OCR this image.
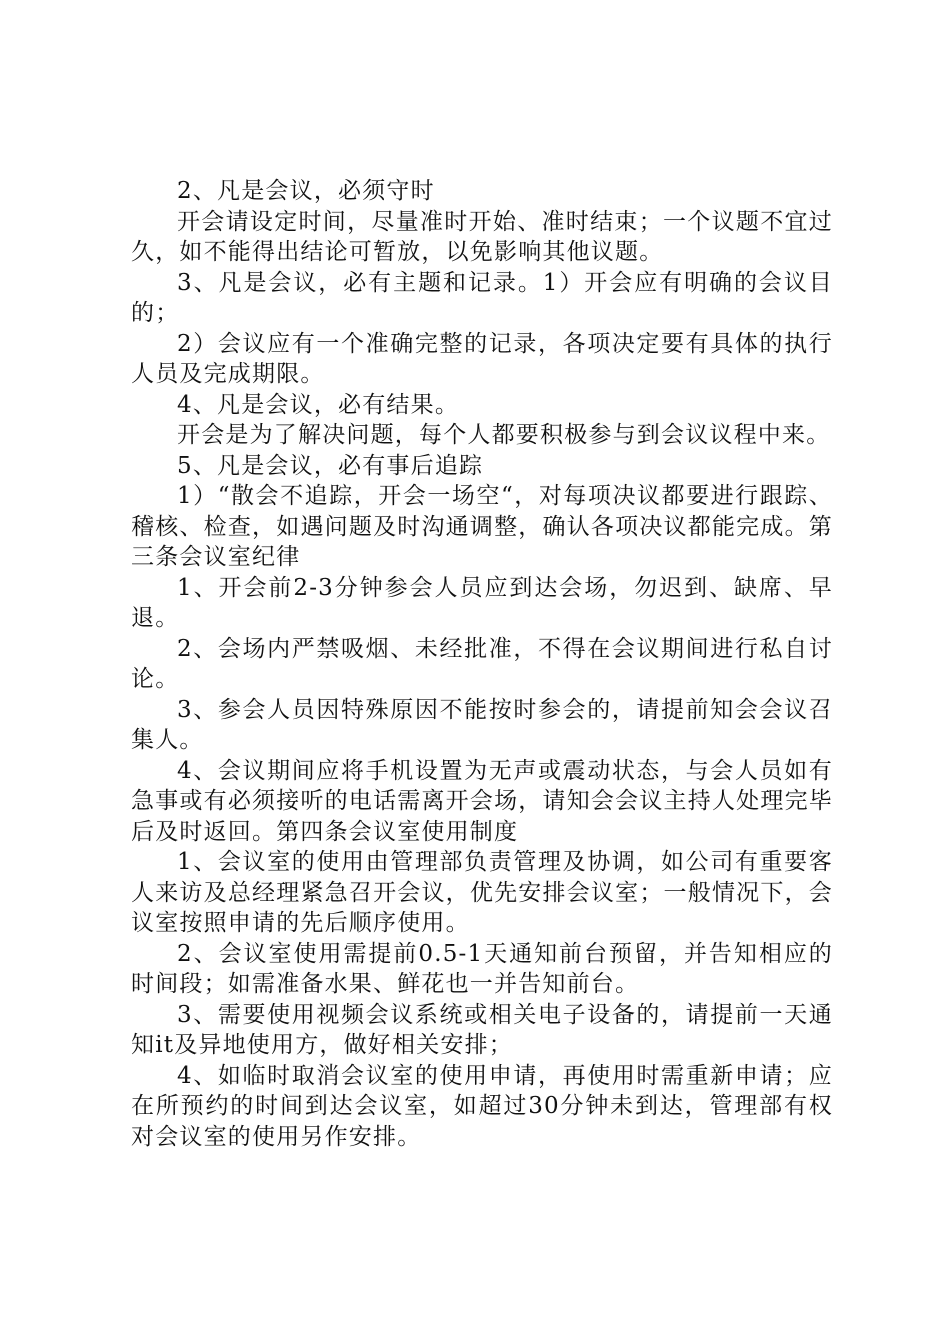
2、凡是会议，必须守时

开会请设定时间，尽量准时开始、准时结束；一个议题不宜过久，如不能得出结论可暂放，以免影响其他议题。

3、凡是会议，必有主题和记录。1）开会应有明确的会议目的；

2）会议应有一个准确完整的记录，各项决定要有具体的执行人员及完成期限。

4、凡是会议，必有结果。

开会是为了解决问题，每个人都要积极参与到会议议程中来。

5、凡是会议，必有事后追踪

1）“散会不追踪，开会一场空“，对每项决议都要进行跟踪、稽核、检查，如遇问题及时沟通调整，确认各项决议都能完成。第三条会议室纪律

1、开会前2-3分钟参会人员应到达会场，勿迟到、缺席、早退。

2、会场内严禁吸烟、未经批准，不得在会议期间进行私自讨论。

3、参会人员因特殊原因不能按时参会的，请提前知会会议召集人。

4、会议期间应将手机设置为无声或震动状态，与会人员如有急事或有必须接听的电话需离开会场，请知会会议主持人处理完毕后及时返回。第四条会议室使用制度

1、会议室的使用由管理部负责管理及协调，如公司有重要客人来访及总经理紧急召开会议，优先安排会议室；一般情况下，会议室按照申请的先后顺序使用。

2、会议室使用需提前0.5-1天通知前台预留，并告知相应的时间段；如需准备水果、鲜花也一并告知前台。

3、需要使用视频会议系统或相关电子设备的，请提前一天通知it及异地使用方，做好相关安排；

4、如临时取消会议室的使用申请，再使用时需重新申请；应在所预约的时间到达会议室，如超过30分钟未到达，管理部有权对会议室的使用另作安排。
